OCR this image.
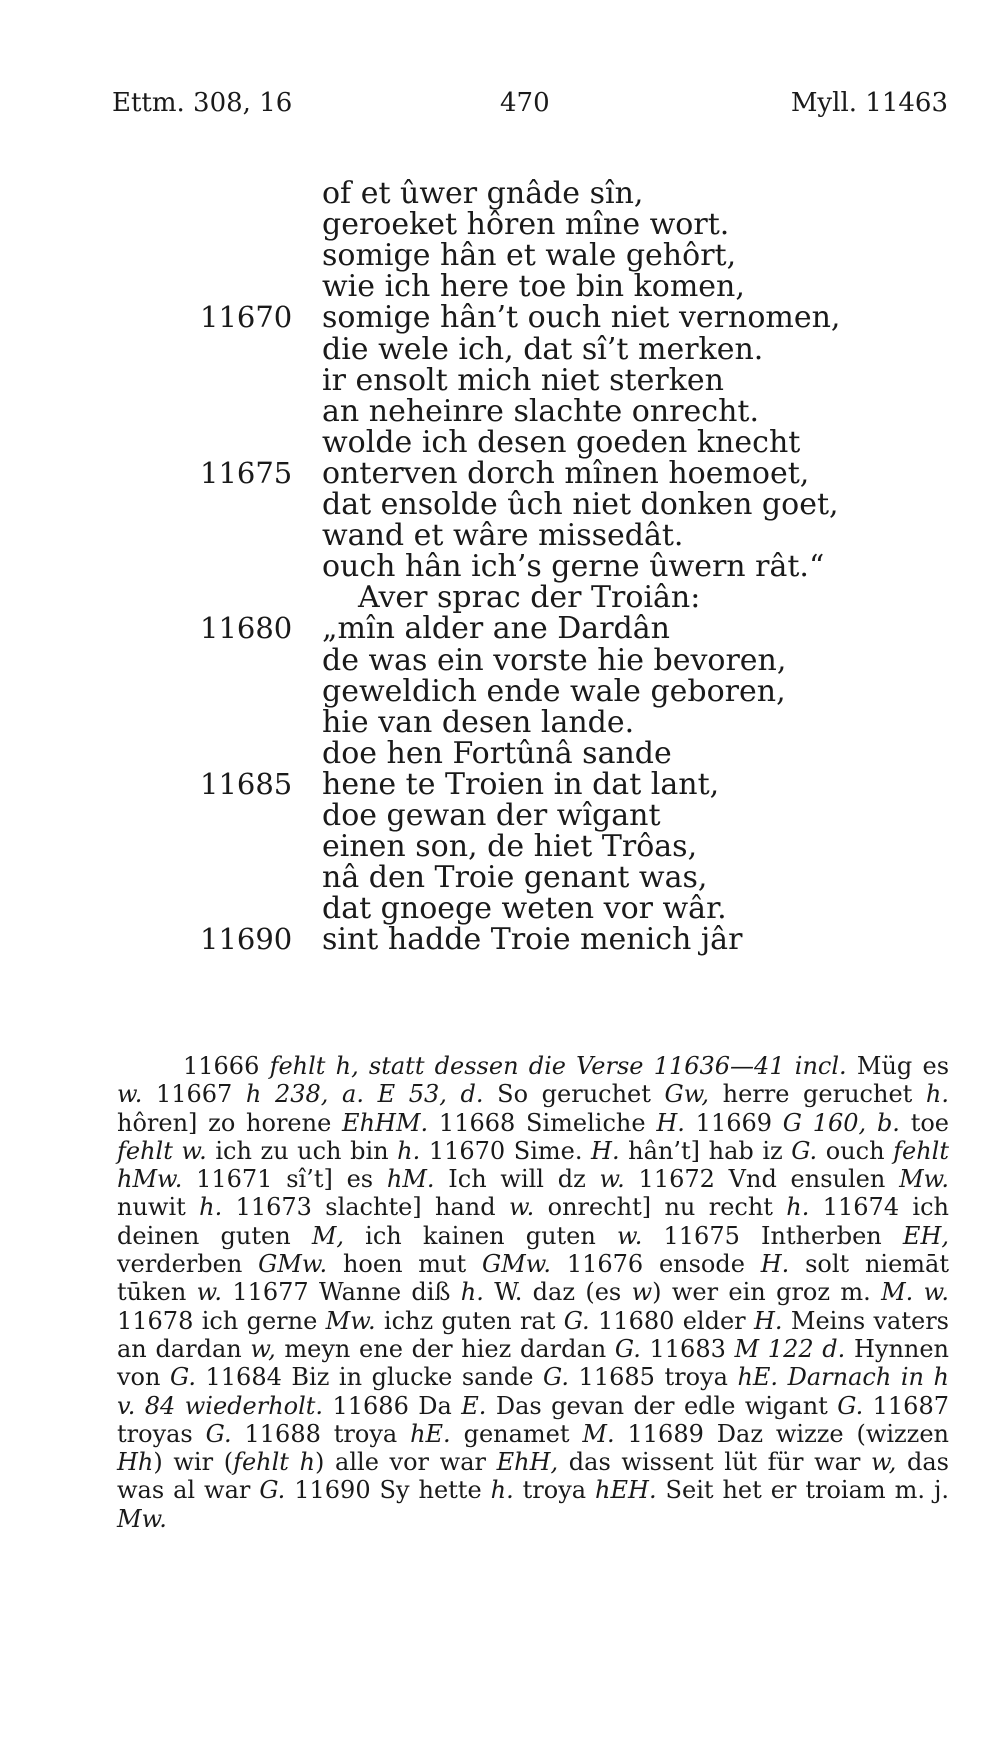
Ettm. 308, 16	470	Myll. 11463
of et ûwer gnâde sîn,
geroeket hôren mîne wort.
somige hân et wale gehôrt,
wie ich here toe bin komen,
11670 somige hân’t ouch niet vernomen,
die wele ich, dat sî’t merken.
ir ensolt mich niet sterken
an neheinre slachte onrecht.
wolde ich desen goeden knecht
11675 onterven dorch mînen hoemoet,
dat ensolde ûch niet donken goet,
wand et wâre missedât.
ouch hân ich’s gerne ûwern rât.“
Aver sprac der Troiân:
11680 „mîn alder ane Dardân
de was ein vorste hie bevoren,
geweldich ende wale geboren,
hie van desen lande.
doe hen Fortûnâ sande
11685 hene te Troien in dat lant,
doe gewan der wîgant
einen son, de hiet Trôas,
nâ den Troie genant was,
dat gnoege weten vor wâr.
11690 sint hadde Troie menich jâr

11666 fehlt h, statt dessen die Verse 11636—41 incl. Müg es w. 11667 h 238, a. E 53, d. So geruchet Gw, herre geruchet h. hôren] zo horene EhHM. 11668 Simeliche H. 11669 G 160, b. toe fehlt w. ich zu uch bin h. 11670 Sime. H. hân’t] hab iz G. ouch fehlt hMw. 11671 sî’t] es hM. Ich will dz w. 11672 Vnd ensulen Mw. nuwit h. 11673 slachte] hand w. onrecht] nu recht h. 11674 ich deinen guten M, ich kainen guten w. 11675 Intherben EH, verderben GMw. hoen mut GMw. 11676 ensode H. solt niemāt tūken w. 11677 Wanne diß h. W. daz (es w) wer ein groz m. M. w. 11678 ich gerne Mw. ichz guten rat G. 11680 elder H. Meins vaters an dardan w, meyn ene der hiez dardan G. 11683 M 122 d. Hynnen von G. 11684 Biz in glucke sande G. 11685 troya hE. Darnach in h v. 84 wiederholt. 11686 Da E. Das gevan der edle wigant G. 11687 troyas G. 11688 troya hE. genamet M. 11689 Daz wizze (wizzen Hh) wir (fehlt h) alle vor war EhH, das wissent lüt für war w, das was al war G. 11690 Sy hette h. troya hEH. Seit het er troiam m. j. Mw.
